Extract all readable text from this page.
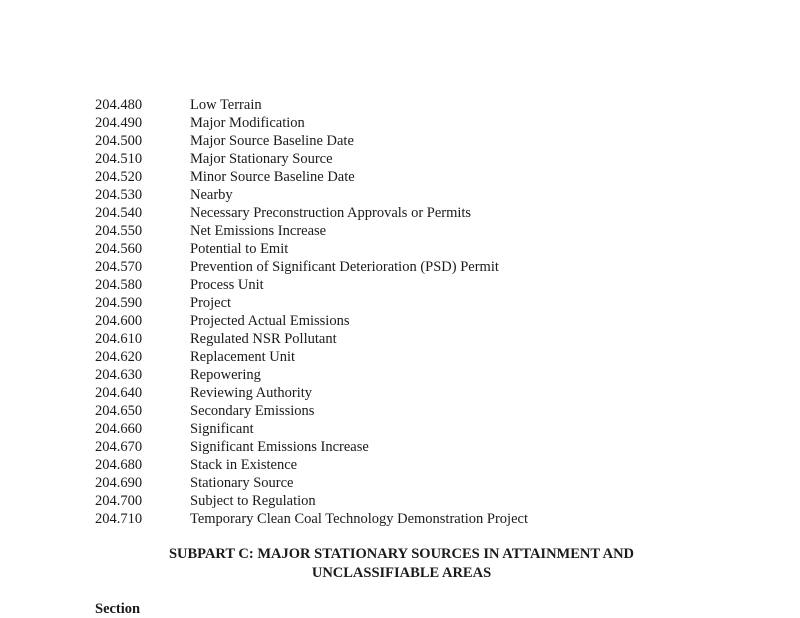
204.480	Low Terrain
204.490	Major Modification
204.500	Major Source Baseline Date
204.510	Major Stationary Source
204.520	Minor Source Baseline Date
204.530	Nearby
204.540	Necessary Preconstruction Approvals or Permits
204.550	Net Emissions Increase
204.560	Potential to Emit
204.570	Prevention of Significant Deterioration (PSD) Permit
204.580	Process Unit
204.590	Project
204.600	Projected Actual Emissions
204.610	Regulated NSR Pollutant
204.620	Replacement Unit
204.630	Repowering
204.640	Reviewing Authority
204.650	Secondary Emissions
204.660	Significant
204.670	Significant Emissions Increase
204.680	Stack in Existence
204.690	Stationary Source
204.700	Subject to Regulation
204.710	Temporary Clean Coal Technology Demonstration Project
SUBPART C: MAJOR STATIONARY SOURCES IN ATTAINMENT AND
UNCLASSIFIABLE AREAS
Section
